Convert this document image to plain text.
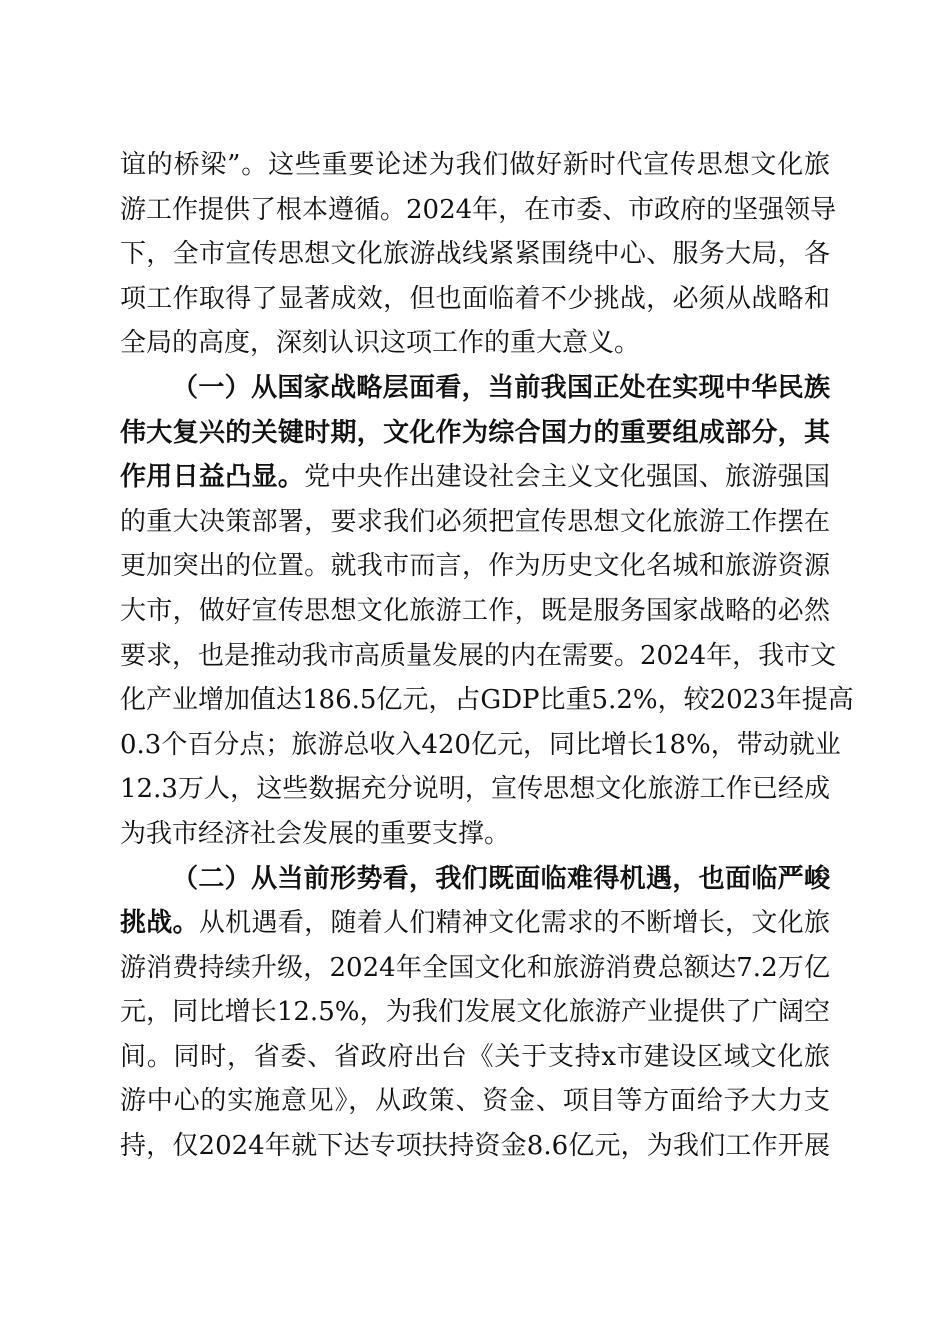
谊的桥梁”。这些重要论述为我们做好新时代宣传思想文化旅
游工作提供了根本遵循。2024年，在市委、市政府的坚强领导
下，全市宣传思想文化旅游战线紧紧围绕中心、服务大局，各
项工作取得了显著成效，但也面临着不少挑战，必须从战略和
全局的高度，深刻认识这项工作的重大意义。
（一）从国家战略层面看，当前我国正处在实现中华民族
伟大复兴的关键时期，文化作为综合国力的重要组成部分，其
作用日益凸显。党中央作出建设社会主义文化强国、旅游强国
的重大决策部署，要求我们必须把宣传思想文化旅游工作摆在
更加突出的位置。就我市而言，作为历史文化名城和旅游资源
大市，做好宣传思想文化旅游工作，既是服务国家战略的必然
要求，也是推动我市高质量发展的内在需要。2024年，我市文
化产业增加值达186.5亿元，占GDP比重5.2%，较2023年提高
0.3个百分点；旅游总收入420亿元，同比增长18%，带动就业
12.3万人，这些数据充分说明，宣传思想文化旅游工作已经成
为我市经济社会发展的重要支撑。
（二）从当前形势看，我们既面临难得机遇，也面临严峻
挑战。从机遇看，随着人们精神文化需求的不断增长，文化旅
游消费持续升级，2024年全国文化和旅游消费总额达7.2万亿
元，同比增长12.5%，为我们发展文化旅游产业提供了广阔空
间。同时，省委、省政府出台《关于支持x市建设区域文化旅
游中心的实施意见》，从政策、资金、项目等方面给予大力支
持，仅2024年就下达专项扶持资金8.6亿元，为我们工作开展
